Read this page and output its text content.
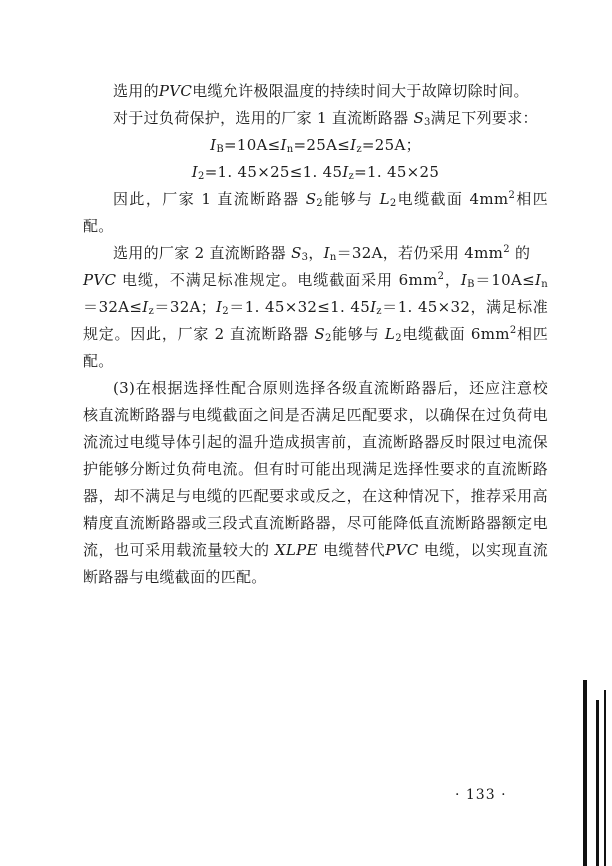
选用的PVC电缆允许极限温度的持续时间大于故障切除时间。

对于过负荷保护，选用的厂家 1 直流断路器 $S_3$满足下列要求：

$I_B=10A\le I_n=25A\le I_z=25A$；

$I_2=1$. 45×25≤1. $45I_z=1$. 45×25

因此，厂家 1 直流断路器 $S_2$能够与 $L_2$电缆截面 $4mm^2$相匹配。

选用的厂家 2 直流断路器 $S_3$，$I_n=32A$，若仍采用 $4mm^2$ 的
PVC 电缆，不满足标准规定。电缆截面采用 $6mm^2$，$I_B=10A\le I_n=32A\le I_z=32A$；$I_2=1$. 45×32≤1. $45I_z=1$. 45×32，满足标准规定。因此，厂家 2 直流断路器 $S_2$能够与 $L_2$电缆截面 $6mm^2$相匹配。

(3)在根据选择性配合原则选择各级直流断路器后，还应注意校核直流断路器与电缆截面之间是否满足匹配要求，以确保在过负荷电流流过电缆导体引起的温升造成损害前，直流断路器反时限过电流保护能够分断过负荷电流。但有时可能出现满足选择性要求的直流断路器，却不满足与电缆的匹配要求或反之，在这种情况下，推荐采用高精度直流断路器或三段式直流断路器，尽可能降低直流断路器额定电流，也可采用载流量较大的 XLPE 电缆替代PVC 电缆，以实现直流断路器与电缆截面的匹配。

· 133 ·
